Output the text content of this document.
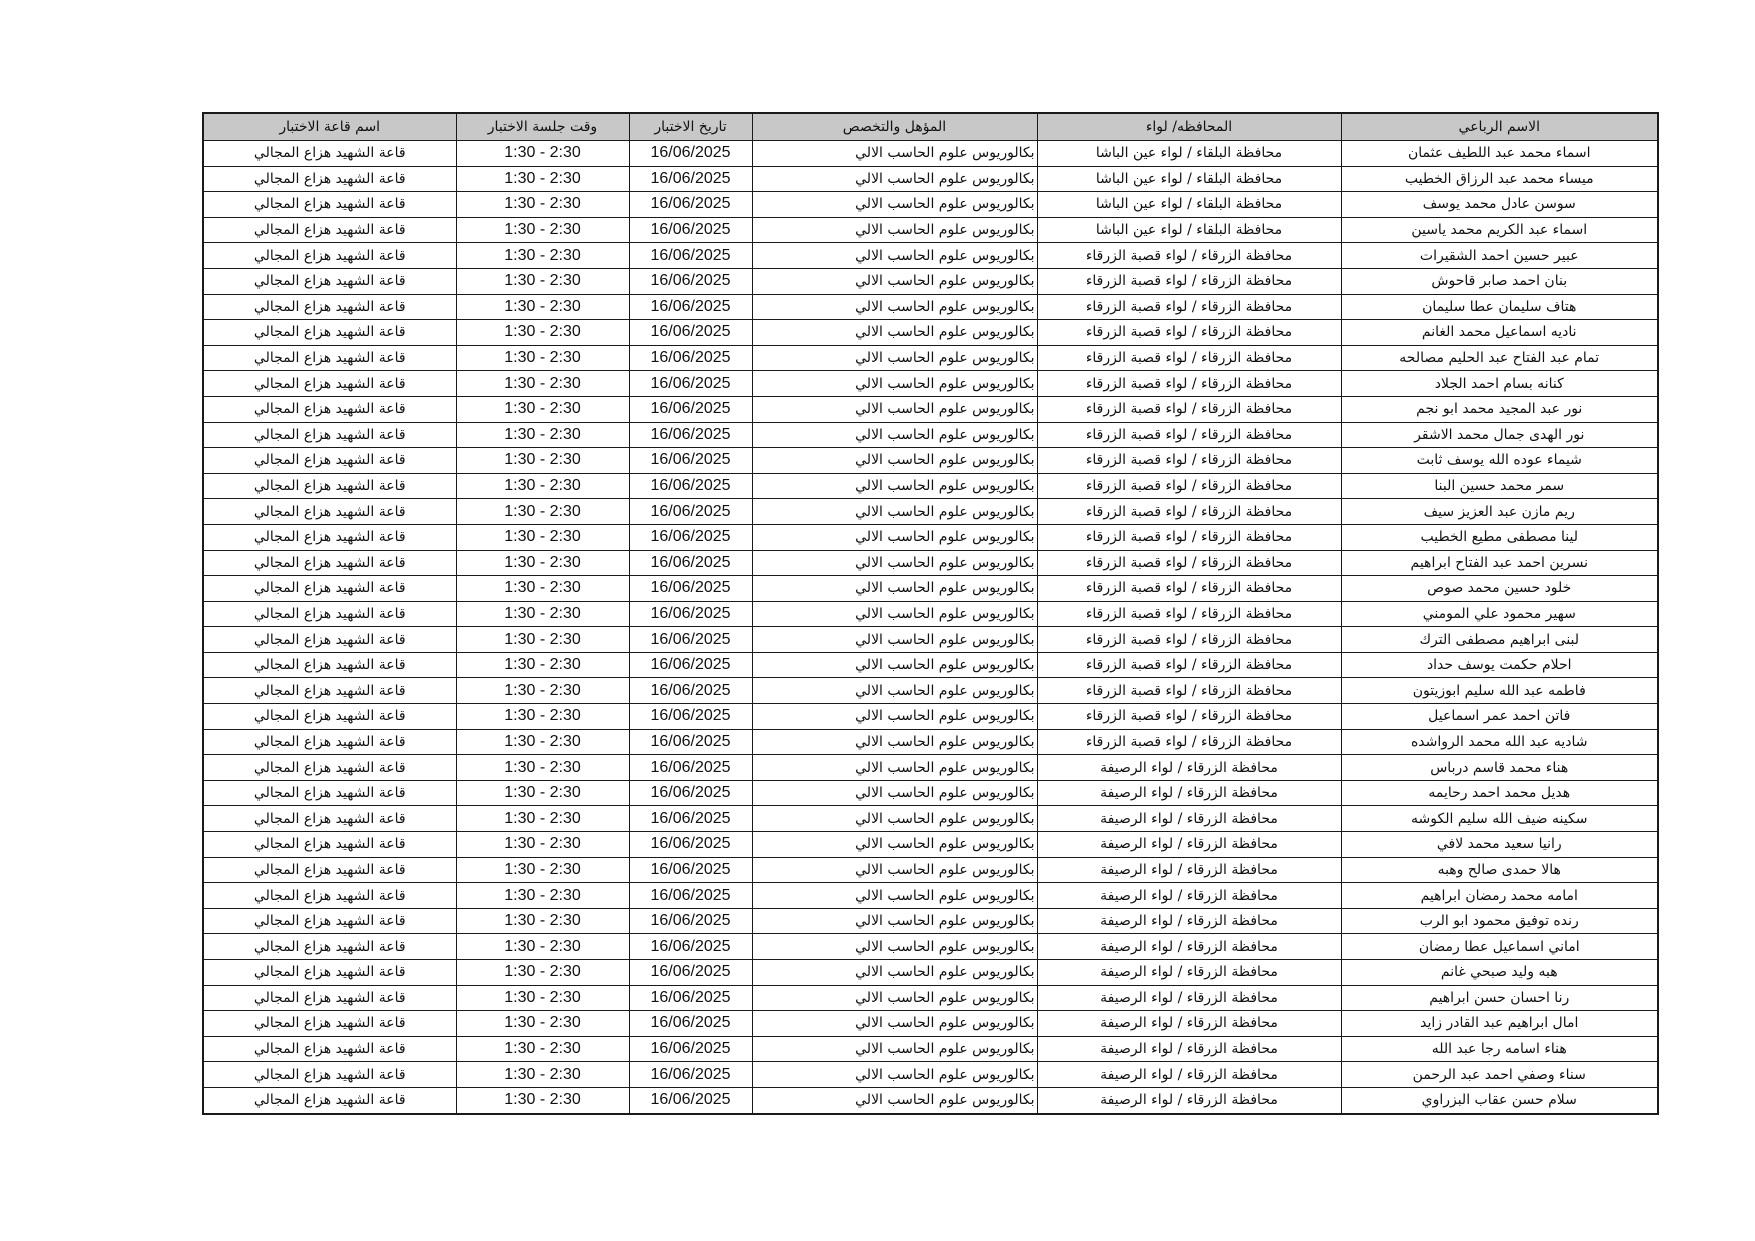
الاسم الرباعي	المحافظه/ لواء	المؤهل والتخصص	تاريخ الاختبار	وقت جلسة الاختبار	اسم قاعة الاختبار
اسماء محمد عبد اللطيف عثمان	محافظة البلقاء / لواء عين الباشا	بكالوريوس علوم الحاسب الالي	16/06/2025	1:30 - 2:30	قاعة الشهيد هزاع المجالي
ميساء محمد عبد الرزاق الخطيب	محافظة البلقاء / لواء عين الباشا	بكالوريوس علوم الحاسب الالي	16/06/2025	1:30 - 2:30	قاعة الشهيد هزاع المجالي
سوسن عادل محمد يوسف	محافظة البلقاء / لواء عين الباشا	بكالوريوس علوم الحاسب الالي	16/06/2025	1:30 - 2:30	قاعة الشهيد هزاع المجالي
اسماء عبد الكريم محمد ياسين	محافظة البلقاء / لواء عين الباشا	بكالوريوس علوم الحاسب الالي	16/06/2025	1:30 - 2:30	قاعة الشهيد هزاع المجالي
عبير حسين احمد الشقيرات	محافظة الزرقاء / لواء قصبة الزرقاء	بكالوريوس علوم الحاسب الالي	16/06/2025	1:30 - 2:30	قاعة الشهيد هزاع المجالي
بنان احمد صابر قاحوش	محافظة الزرقاء / لواء قصبة الزرقاء	بكالوريوس علوم الحاسب الالي	16/06/2025	1:30 - 2:30	قاعة الشهيد هزاع المجالي
هتاف سليمان عطا سليمان	محافظة الزرقاء / لواء قصبة الزرقاء	بكالوريوس علوم الحاسب الالي	16/06/2025	1:30 - 2:30	قاعة الشهيد هزاع المجالي
ناديه اسماعيل محمد الغانم	محافظة الزرقاء / لواء قصبة الزرقاء	بكالوريوس علوم الحاسب الالي	16/06/2025	1:30 - 2:30	قاعة الشهيد هزاع المجالي
تمام عبد الفتاح عبد الحليم مصالحه	محافظة الزرقاء / لواء قصبة الزرقاء	بكالوريوس علوم الحاسب الالي	16/06/2025	1:30 - 2:30	قاعة الشهيد هزاع المجالي
كنانه بسام احمد الجلاد	محافظة الزرقاء / لواء قصبة الزرقاء	بكالوريوس علوم الحاسب الالي	16/06/2025	1:30 - 2:30	قاعة الشهيد هزاع المجالي
نور عبد المجيد محمد ابو نجم	محافظة الزرقاء / لواء قصبة الزرقاء	بكالوريوس علوم الحاسب الالي	16/06/2025	1:30 - 2:30	قاعة الشهيد هزاع المجالي
نور الهدى جمال محمد الاشقر	محافظة الزرقاء / لواء قصبة الزرقاء	بكالوريوس علوم الحاسب الالي	16/06/2025	1:30 - 2:30	قاعة الشهيد هزاع المجالي
شيماء عوده الله يوسف ثابت	محافظة الزرقاء / لواء قصبة الزرقاء	بكالوريوس علوم الحاسب الالي	16/06/2025	1:30 - 2:30	قاعة الشهيد هزاع المجالي
سمر محمد حسين البنا	محافظة الزرقاء / لواء قصبة الزرقاء	بكالوريوس علوم الحاسب الالي	16/06/2025	1:30 - 2:30	قاعة الشهيد هزاع المجالي
ريم مازن عبد العزيز سيف	محافظة الزرقاء / لواء قصبة الزرقاء	بكالوريوس علوم الحاسب الالي	16/06/2025	1:30 - 2:30	قاعة الشهيد هزاع المجالي
لينا مصطفى مطيع الخطيب	محافظة الزرقاء / لواء قصبة الزرقاء	بكالوريوس علوم الحاسب الالي	16/06/2025	1:30 - 2:30	قاعة الشهيد هزاع المجالي
نسرين احمد عبد الفتاح ابراهيم	محافظة الزرقاء / لواء قصبة الزرقاء	بكالوريوس علوم الحاسب الالي	16/06/2025	1:30 - 2:30	قاعة الشهيد هزاع المجالي
خلود حسين محمد صوص	محافظة الزرقاء / لواء قصبة الزرقاء	بكالوريوس علوم الحاسب الالي	16/06/2025	1:30 - 2:30	قاعة الشهيد هزاع المجالي
سهير محمود علي المومني	محافظة الزرقاء / لواء قصبة الزرقاء	بكالوريوس علوم الحاسب الالي	16/06/2025	1:30 - 2:30	قاعة الشهيد هزاع المجالي
لبنى ابراهيم مصطفى الترك	محافظة الزرقاء / لواء قصبة الزرقاء	بكالوريوس علوم الحاسب الالي	16/06/2025	1:30 - 2:30	قاعة الشهيد هزاع المجالي
احلام حكمت يوسف حداد	محافظة الزرقاء / لواء قصبة الزرقاء	بكالوريوس علوم الحاسب الالي	16/06/2025	1:30 - 2:30	قاعة الشهيد هزاع المجالي
فاطمه عبد الله سليم ابوزيتون	محافظة الزرقاء / لواء قصبة الزرقاء	بكالوريوس علوم الحاسب الالي	16/06/2025	1:30 - 2:30	قاعة الشهيد هزاع المجالي
فاتن احمد عمر اسماعيل	محافظة الزرقاء / لواء قصبة الزرقاء	بكالوريوس علوم الحاسب الالي	16/06/2025	1:30 - 2:30	قاعة الشهيد هزاع المجالي
شاديه عبد الله محمد الرواشده	محافظة الزرقاء / لواء قصبة الزرقاء	بكالوريوس علوم الحاسب الالي	16/06/2025	1:30 - 2:30	قاعة الشهيد هزاع المجالي
هناء محمد قاسم درباس	محافظة الزرقاء / لواء الرصيفة	بكالوريوس علوم الحاسب الالي	16/06/2025	1:30 - 2:30	قاعة الشهيد هزاع المجالي
هديل محمد احمد رحايمه	محافظة الزرقاء / لواء الرصيفة	بكالوريوس علوم الحاسب الالي	16/06/2025	1:30 - 2:30	قاعة الشهيد هزاع المجالي
سكينه ضيف الله سليم الكوشه	محافظة الزرقاء / لواء الرصيفة	بكالوريوس علوم الحاسب الالي	16/06/2025	1:30 - 2:30	قاعة الشهيد هزاع المجالي
رانيا سعيد محمد لافي	محافظة الزرقاء / لواء الرصيفة	بكالوريوس علوم الحاسب الالي	16/06/2025	1:30 - 2:30	قاعة الشهيد هزاع المجالي
هالا حمدى صالح وهبه	محافظة الزرقاء / لواء الرصيفة	بكالوريوس علوم الحاسب الالي	16/06/2025	1:30 - 2:30	قاعة الشهيد هزاع المجالي
امامه محمد رمضان ابراهيم	محافظة الزرقاء / لواء الرصيفة	بكالوريوس علوم الحاسب الالي	16/06/2025	1:30 - 2:30	قاعة الشهيد هزاع المجالي
رنده توفيق محمود ابو الرب	محافظة الزرقاء / لواء الرصيفة	بكالوريوس علوم الحاسب الالي	16/06/2025	1:30 - 2:30	قاعة الشهيد هزاع المجالي
اماني اسماعيل عطا رمضان	محافظة الزرقاء / لواء الرصيفة	بكالوريوس علوم الحاسب الالي	16/06/2025	1:30 - 2:30	قاعة الشهيد هزاع المجالي
هبه وليد صبحي غانم	محافظة الزرقاء / لواء الرصيفة	بكالوريوس علوم الحاسب الالي	16/06/2025	1:30 - 2:30	قاعة الشهيد هزاع المجالي
رنا احسان حسن ابراهيم	محافظة الزرقاء / لواء الرصيفة	بكالوريوس علوم الحاسب الالي	16/06/2025	1:30 - 2:30	قاعة الشهيد هزاع المجالي
امال ابراهيم عبد القادر زايد	محافظة الزرقاء / لواء الرصيفة	بكالوريوس علوم الحاسب الالي	16/06/2025	1:30 - 2:30	قاعة الشهيد هزاع المجالي
هناء اسامه رجا عبد الله	محافظة الزرقاء / لواء الرصيفة	بكالوريوس علوم الحاسب الالي	16/06/2025	1:30 - 2:30	قاعة الشهيد هزاع المجالي
سناء وصفي احمد عبد الرحمن	محافظة الزرقاء / لواء الرصيفة	بكالوريوس علوم الحاسب الالي	16/06/2025	1:30 - 2:30	قاعة الشهيد هزاع المجالي
سلام حسن عقاب البزراوي	محافظة الزرقاء / لواء الرصيفة	بكالوريوس علوم الحاسب الالي	16/06/2025	1:30 - 2:30	قاعة الشهيد هزاع المجالي
